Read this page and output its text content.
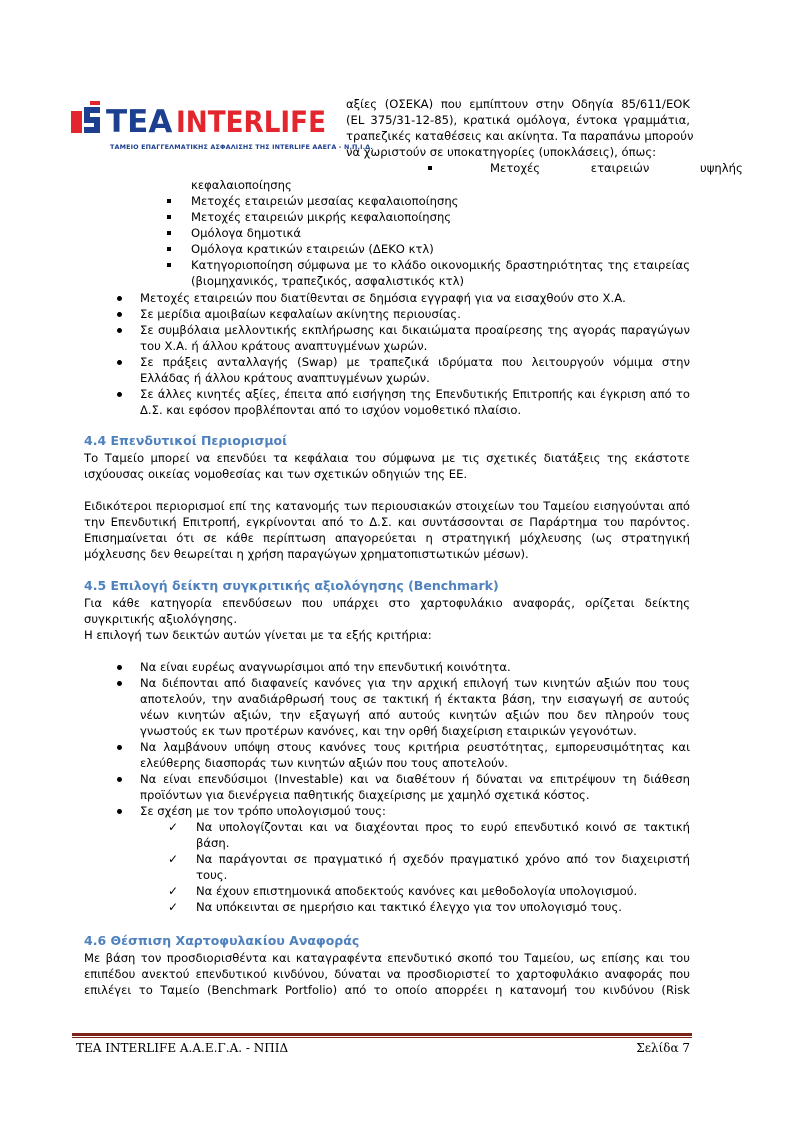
TEA INTERLIFE
ΤΑΜΕΙΟ ΕΠΑΓΓΕΛΜΑΤΙΚΗΣ ΑΣΦΑΛΙΣΗΣ ΤΗΣ INTERLIFE ΑΑΕΓΑ - Ν.Π.Ι.Δ.
αξίες (ΟΣΕΚΑ) που εμπίπτουν στην Οδηγία 85/611/ΕΟΚ
(EL 375/31-12-85), κρατικά ομόλογα, έντοκα γραμμάτια,
τραπεζικές καταθέσεις και ακίνητα. Τα παραπάνω μπορούν
να χωριστούν σε υποκατηγορίες (υποκλάσεις), όπως:
Μετοχές εταιρειών υψηλής
κεφαλαιοποίησης
Μετοχές εταιρειών μεσαίας κεφαλαιοποίησης
Μετοχές εταιρειών μικρής κεφαλαιοποίησης
Ομόλογα δημοτικά
Ομόλογα κρατικών εταιρειών (ΔΕΚΟ κτλ)
Κατηγοριοποίηση σύμφωνα με το κλάδο οικονομικής δραστηριότητας της εταιρείας (βιομηχανικός, τραπεζικός, ασφαλιστικός κτλ)
Μετοχές εταιρειών που διατίθενται σε δημόσια εγγραφή για να εισαχθούν στο Χ.Α.
Σε μερίδια αμοιβαίων κεφαλαίων ακίνητης περιουσίας.
Σε συμβόλαια μελλοντικής εκπλήρωσης και δικαιώματα προαίρεσης της αγοράς παραγώγων του Χ.Α. ή άλλου κράτους αναπτυγμένων χωρών.
Σε πράξεις ανταλλαγής (Swap) με τραπεζικά ιδρύματα που λειτουργούν νόμιμα στην Ελλάδας ή άλλου κράτους αναπτυγμένων χωρών.
Σε άλλες κινητές αξίες, έπειτα από εισήγηση της Επενδυτικής Επιτροπής και έγκριση από το Δ.Σ. και εφόσον προβλέπονται από το ισχύον νομοθετικό πλαίσιο.
4.4 Επενδυτικοί Περιορισμοί
Το Ταμείο μπορεί να επενδύει τα κεφάλαια του σύμφωνα με τις σχετικές διατάξεις της εκάστοτε ισχύουσας οικείας νομοθεσίας και των σχετικών οδηγιών της ΕΕ.
Ειδικότεροι περιορισμοί επί της κατανομής των περιουσιακών στοιχείων του Ταμείου εισηγούνται από την Επενδυτική Επιτροπή, εγκρίνονται από το Δ.Σ. και συντάσσονται σε Παράρτημα του παρόντος. Επισημαίνεται ότι σε κάθε περίπτωση απαγορεύεται η στρατηγική μόχλευσης (ως στρατηγική μόχλευσης δεν θεωρείται η χρήση παραγώγων χρηματοπιστωτικών μέσων).
4.5 Επιλογή δείκτη συγκριτικής αξιολόγησης (Benchmark)
Για κάθε κατηγορία επενδύσεων που υπάρχει στο χαρτοφυλάκιο αναφοράς, ορίζεται δείκτης συγκριτικής αξιολόγησης.
Η επιλογή των δεικτών αυτών γίνεται με τα εξής κριτήρια:
Να είναι ευρέως αναγνωρίσιμοι από την επενδυτική κοινότητα.
Να διέπονται από διαφανείς κανόνες για την αρχική επιλογή των κινητών αξιών που τους αποτελούν, την αναδιάρθρωσή τους σε τακτική ή έκτακτα βάση, την εισαγωγή σε αυτούς νέων κινητών αξιών, την εξαγωγή από αυτούς κινητών αξιών που δεν πληρούν τους γνωστούς εκ των προτέρων κανόνες, και την ορθή διαχείριση εταιρικών γεγονότων.
Να λαμβάνουν υπόψη στους κανόνες τους κριτήρια ρευστότητας, εμπορευσιμότητας και ελεύθερης διασποράς των κινητών αξιών που τους αποτελούν.
Να είναι επενδύσιμοι (Investable) και να διαθέτουν ή δύναται να επιτρέψουν τη διάθεση προϊόντων για διενέργεια παθητικής διαχείρισης με χαμηλό σχετικά κόστος.
Σε σχέση με τον τρόπο υπολογισμού τους:
✓ Να υπολογίζονται και να διαχέονται προς το ευρύ επενδυτικό κοινό σε τακτική βάση.
✓ Να παράγονται σε πραγματικό ή σχεδόν πραγματικό χρόνο από τον διαχειριστή τους.
✓ Να έχουν επιστημονικά αποδεκτούς κανόνες και μεθοδολογία υπολογισμού.
✓ Να υπόκεινται σε ημερήσιο και τακτικό έλεγχο για τον υπολογισμό τους.
4.6 Θέσπιση Χαρτοφυλακίου Αναφοράς
Με βάση τον προσδιορισθέντα και καταγραφέντα επενδυτικό σκοπό του Ταμείου, ως επίσης και του επιπέδου ανεκτού επενδυτικού κινδύνου, δύναται να προσδιοριστεί το χαρτοφυλάκιο αναφοράς που επιλέγει το Ταμείο (Benchmark Portfolio) από το οποίο απορρέει η κατανομή του κινδύνου (Risk
TEA INTERLIFE Α.Α.Ε.Γ.Α. - ΝΠΙΔ	Σελίδα 7
